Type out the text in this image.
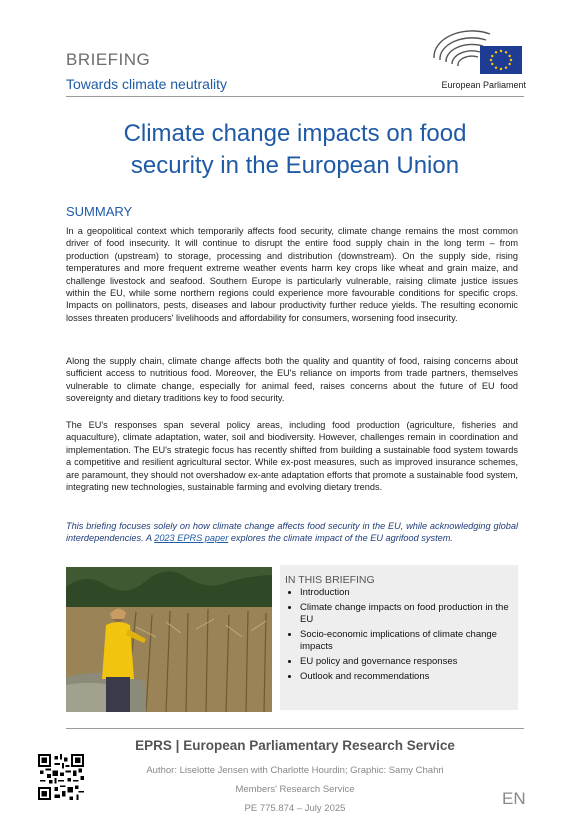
BRIEFING
Towards climate neutrality	European Parliament
Climate change impacts on food
security in the European Union
SUMMARY
In a geopolitical context which temporarily affects food security, climate change remains the most common driver of food insecurity. It will continue to disrupt the entire food supply chain in the long term – from production (upstream) to storage, processing and distribution (downstream). On the supply side, rising temperatures and more frequent extreme weather events harm key crops like wheat and grain maize, and challenge livestock and seafood. Southern Europe is particularly vulnerable, raising climate justice issues within the EU, while some northern regions could experience more favourable conditions for specific crops. Impacts on pollinators, pests, diseases and labour productivity further reduce yields. The resulting economic losses threaten producers' livelihoods and affordability for consumers, worsening food insecurity.
Along the supply chain, climate change affects both the quality and quantity of food, raising concerns about sufficient access to nutritious food. Moreover, the EU's reliance on imports from trade partners, themselves vulnerable to climate change, especially for animal feed, raises concerns about the future of EU food sovereignty and dietary traditions key to food security.
The EU's responses span several policy areas, including food production (agriculture, fisheries and aquaculture), climate adaptation, water, soil and biodiversity. However, challenges remain in coordination and implementation. The EU's strategic focus has recently shifted from building a sustainable food system towards a competitive and resilient agricultural sector. While ex-post measures, such as improved insurance schemes, are paramount, they should not overshadow ex-ante adaptation efforts that promote a sustainable food system, integrating new technologies, sustainable farming and evolving dietary trends.
This briefing focuses solely on how climate change affects food security in the EU, while acknowledging global interdependencies. A 2023 EPRS paper explores the climate impact of the EU agrifood system.
IN THIS BRIEFING
• Introduction
• Climate change impacts on food production in the EU
• Socio-economic implications of climate change impacts
• EU policy and governance responses
• Outlook and recommendations
EPRS | European Parliamentary Research Service
Author: Liselotte Jensen with Charlotte Hourdin; Graphic: Samy Chahri
Members' Research Service
PE 775.874 – July 2025
EN
